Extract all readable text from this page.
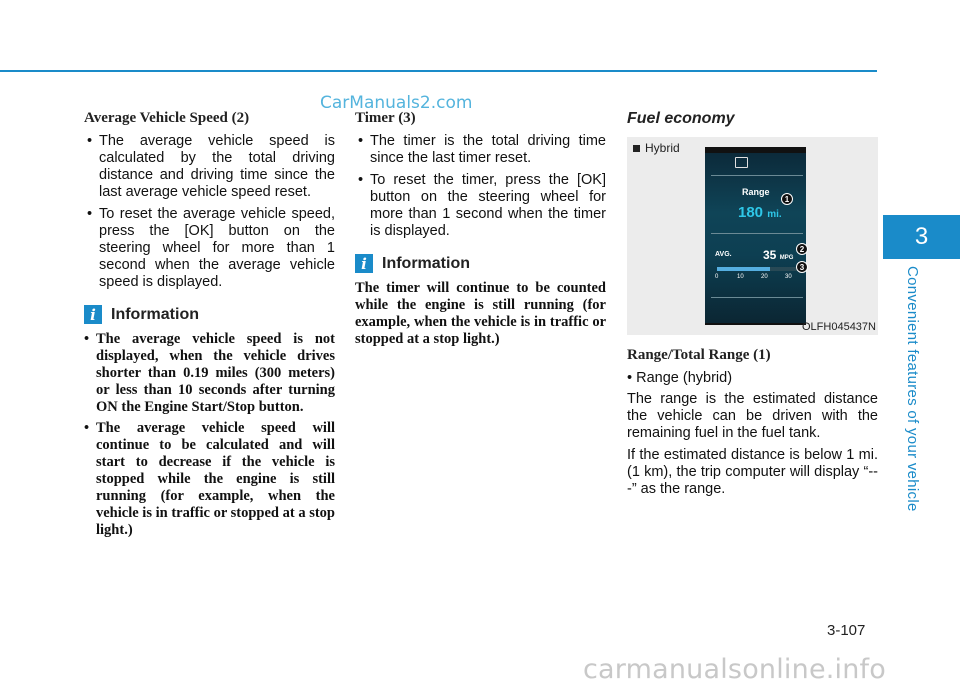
CarManuals2.com
3
Convenient features of your vehicle
Average Vehicle Speed (2)
• The average vehicle speed is calculated by the total driving distance and driving time since the last average vehicle speed reset.
• To reset the average vehicle speed, press the [OK] button on the steering wheel for more than 1 second when the average vehicle speed is displayed.
i Information
• The average vehicle speed is not displayed, when the vehicle drives shorter than 0.19 miles (300 meters) or less than 10 seconds after turning ON the Engine Start/Stop button.
• The average vehicle speed will continue to be calculated and will start to decrease if the vehicle is stopped while the engine is still running (for example, when the vehicle is in traffic or stopped at a stop light.)
Timer (3)
• The timer is the total driving time since the last timer reset.
• To reset the timer, press the [OK] button on the steering wheel for more than 1 second when the timer is displayed.
i Information

The timer will continue to be counted while the engine is still running (for example, when the vehicle is in traffic or stopped at a stop light.)

Fuel economy
Hybrid
Range
180 mi.
1
AVG.	35 MPG
2
3
0	10	20	30
OLFH045437N
Range/Total Range (1)

• Range (hybrid)

The range is the estimated distance the vehicle can be driven with the remaining fuel in the fuel tank.

If the estimated distance is below 1 mi. (1 km), the trip computer will display “---” as the range.

3-107
carmanualsonline.info
